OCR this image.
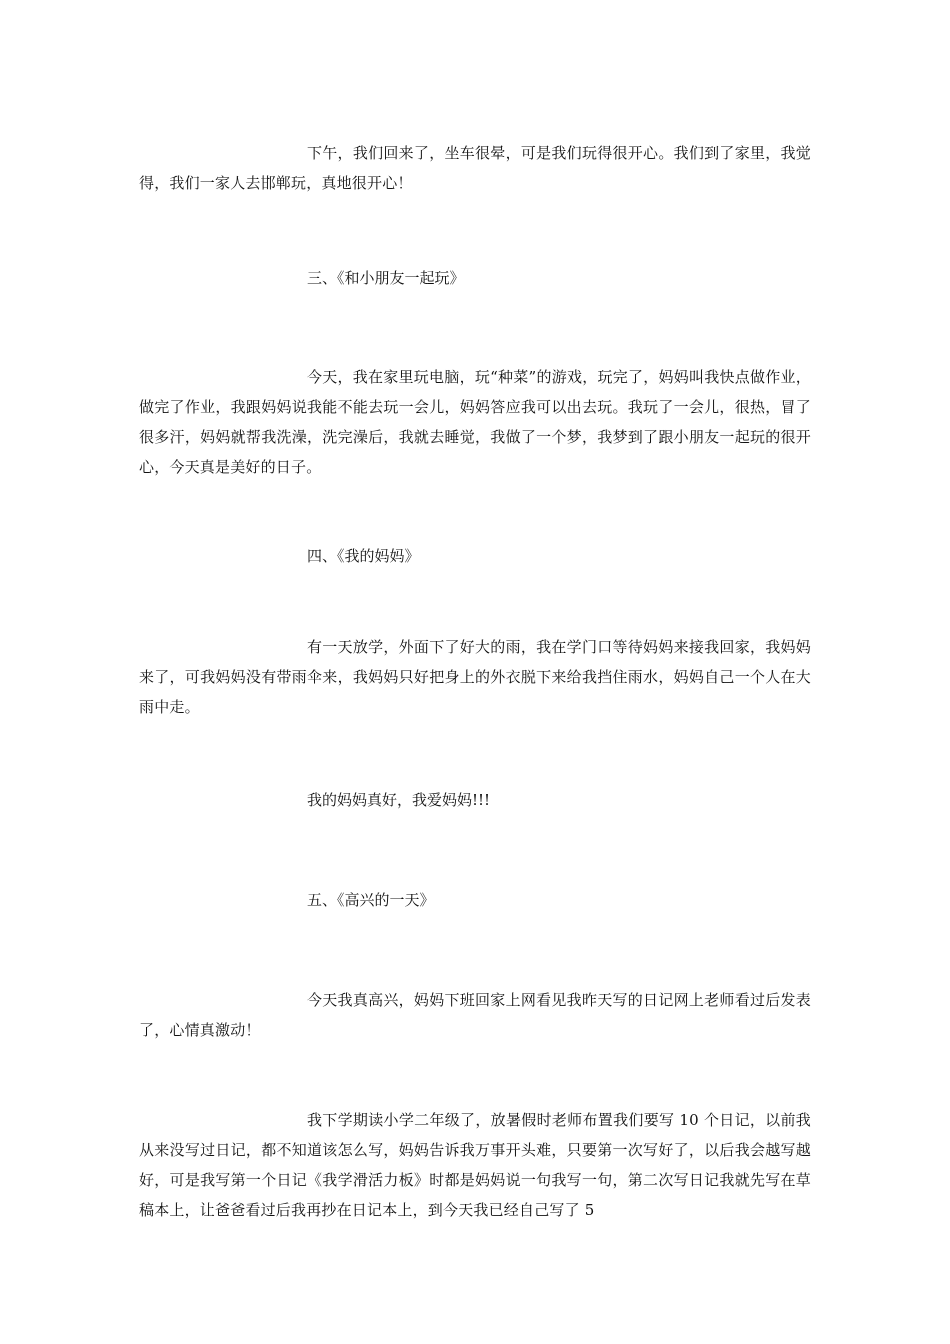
下午，我们回来了，坐车很晕，可是我们玩得很开心。我们到了家里，我觉得，我们一家人去邯郸玩，真地很开心！

三、《和小朋友一起玩》

今天，我在家里玩电脑，玩“种菜”的游戏，玩完了，妈妈叫我快点做作业，做完了作业，我跟妈妈说我能不能去玩一会儿，妈妈答应我可以出去玩。我玩了一会儿，很热，冒了很多汗，妈妈就帮我洗澡，洗完澡后，我就去睡觉，我做了一个梦，我梦到了跟小朋友一起玩的很开心，今天真是美好的日子。

四、《我的妈妈》

有一天放学，外面下了好大的雨，我在学门口等待妈妈来接我回家，我妈妈来了，可我妈妈没有带雨伞来，我妈妈只好把身上的外衣脱下来给我挡住雨水，妈妈自己一个人在大雨中走。

我的妈妈真好，我爱妈妈!!!

五、《高兴的一天》

今天我真高兴，妈妈下班回家上网看见我昨天写的日记网上老师看过后发表了，心情真激动！

我下学期读小学二年级了，放暑假时老师布置我们要写 10 个日记，以前我从来没写过日记，都不知道该怎么写，妈妈告诉我万事开头难，只要第一次写好了，以后我会越写越好，可是我写第一个日记《我学滑活力板》时都是妈妈说一句我写一句，第二次写日记我就先写在草稿本上，让爸爸看过后我再抄在日记本上，到今天我已经自己写了 5
